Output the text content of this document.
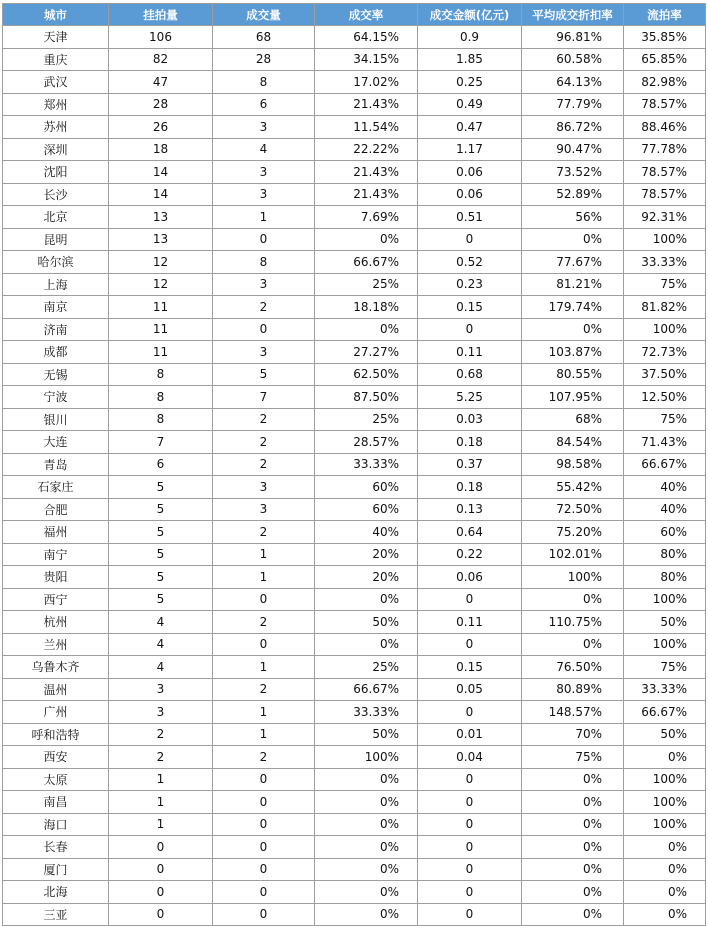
城市	挂拍量	成交量	成交率	成交金额(亿元)	平均成交折扣率	流拍率
天津	106	68	64.15%	0.9	96.81%	35.85%
重庆	82	28	34.15%	1.85	60.58%	65.85%
武汉	47	8	17.02%	0.25	64.13%	82.98%
郑州	28	6	21.43%	0.49	77.79%	78.57%
苏州	26	3	11.54%	0.47	86.72%	88.46%
深圳	18	4	22.22%	1.17	90.47%	77.78%
沈阳	14	3	21.43%	0.06	73.52%	78.57%
长沙	14	3	21.43%	0.06	52.89%	78.57%
北京	13	1	7.69%	0.51	56%	92.31%
昆明	13	0	0%	0	0%	100%
哈尔滨	12	8	66.67%	0.52	77.67%	33.33%
上海	12	3	25%	0.23	81.21%	75%
南京	11	2	18.18%	0.15	179.74%	81.82%
济南	11	0	0%	0	0%	100%
成都	11	3	27.27%	0.11	103.87%	72.73%
无锡	8	5	62.50%	0.68	80.55%	37.50%
宁波	8	7	87.50%	5.25	107.95%	12.50%
银川	8	2	25%	0.03	68%	75%
大连	7	2	28.57%	0.18	84.54%	71.43%
青岛	6	2	33.33%	0.37	98.58%	66.67%
石家庄	5	3	60%	0.18	55.42%	40%
合肥	5	3	60%	0.13	72.50%	40%
福州	5	2	40%	0.64	75.20%	60%
南宁	5	1	20%	0.22	102.01%	80%
贵阳	5	1	20%	0.06	100%	80%
西宁	5	0	0%	0	0%	100%
杭州	4	2	50%	0.11	110.75%	50%
兰州	4	0	0%	0	0%	100%
乌鲁木齐	4	1	25%	0.15	76.50%	75%
温州	3	2	66.67%	0.05	80.89%	33.33%
广州	3	1	33.33%	0	148.57%	66.67%
呼和浩特	2	1	50%	0.01	70%	50%
西安	2	2	100%	0.04	75%	0%
太原	1	0	0%	0	0%	100%
南昌	1	0	0%	0	0%	100%
海口	1	0	0%	0	0%	100%
长春	0	0	0%	0	0%	0%
厦门	0	0	0%	0	0%	0%
北海	0	0	0%	0	0%	0%
三亚	0	0	0%	0	0%	0%
